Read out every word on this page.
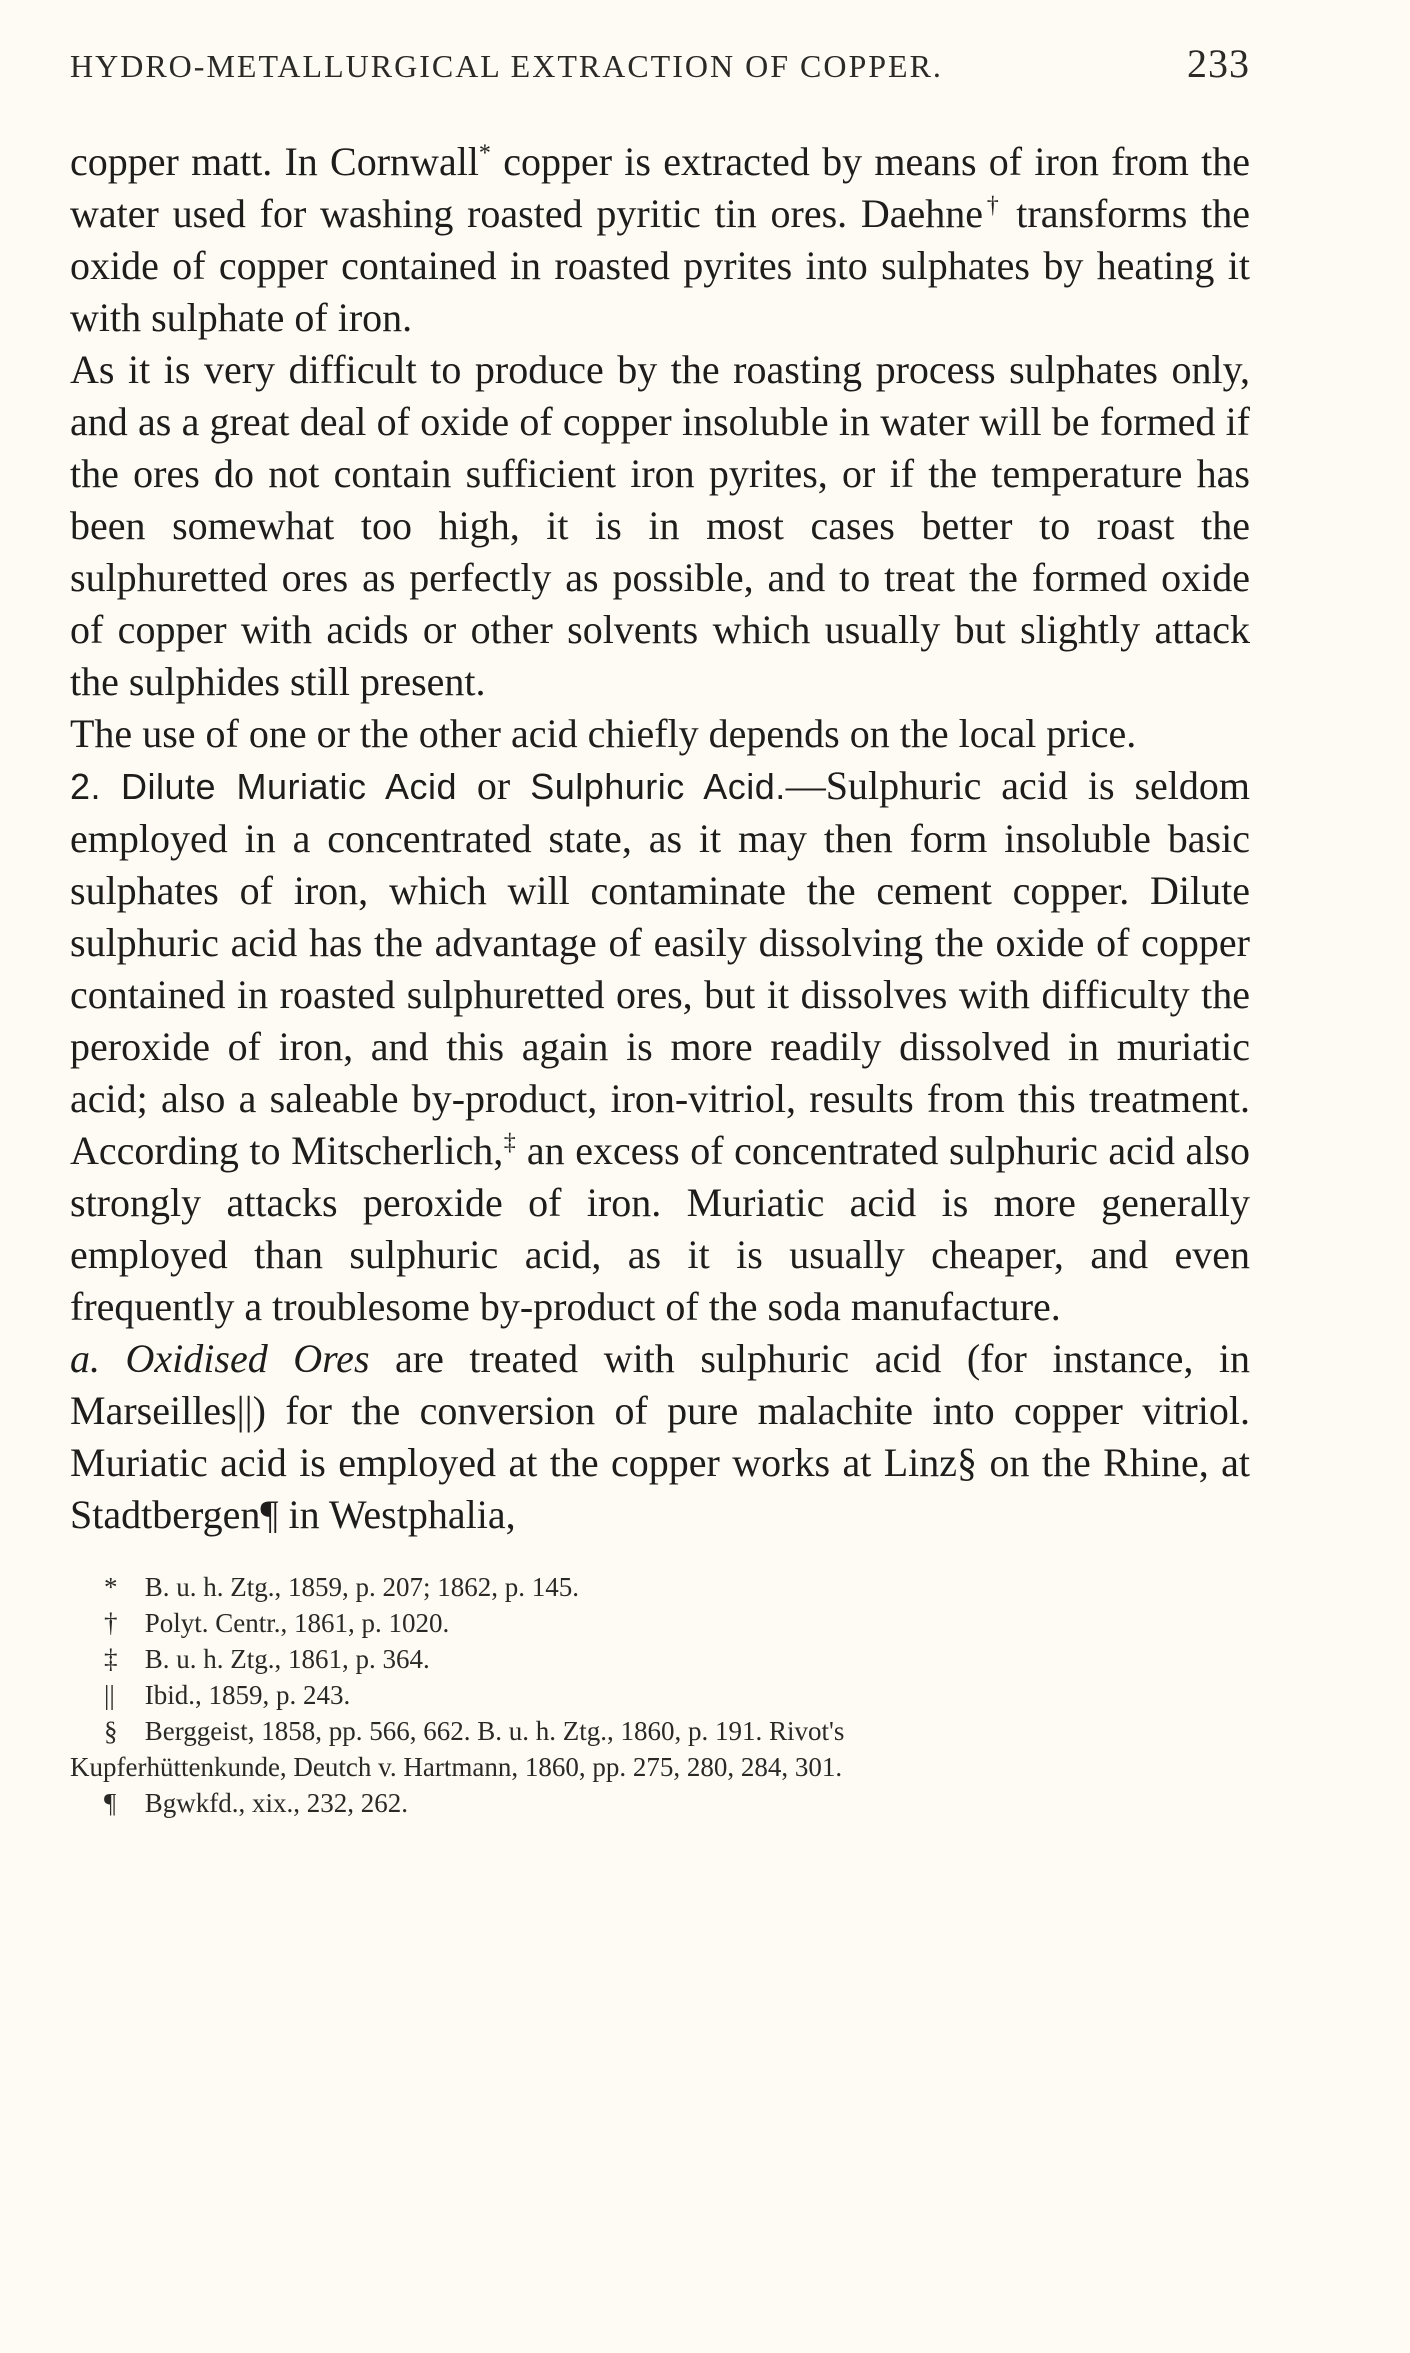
HYDRO-METALLURGICAL EXTRACTION OF COPPER.	233

copper matt. In Cornwall* copper is extracted by means of iron from the water used for washing roasted pyritic tin ores. Daehne† transforms the oxide of copper contained in roasted pyrites into sulphates by heating it with sulphate of iron.

As it is very difficult to produce by the roasting process sulphates only, and as a great deal of oxide of copper insoluble in water will be formed if the ores do not contain sufficient iron pyrites, or if the temperature has been somewhat too high, it is in most cases better to roast the sulphuretted ores as perfectly as possible, and to treat the formed oxide of copper with acids or other solvents which usually but slightly attack the sulphides still present.

The use of one or the other acid chiefly depends on the local price.

2. Dilute Muriatic Acid or Sulphuric Acid.—Sulphuric acid is seldom employed in a concentrated state, as it may then form insoluble basic sulphates of iron, which will contaminate the cement copper. Dilute sulphuric acid has the advantage of easily dissolving the oxide of copper contained in roasted sulphuretted ores, but it dissolves with difficulty the peroxide of iron, and this again is more readily dissolved in muriatic acid; also a saleable by-product, iron-vitriol, results from this treatment. According to Mitscherlich,‡ an excess of concentrated sulphuric acid also strongly attacks peroxide of iron. Muriatic acid is more generally employed than sulphuric acid, as it is usually cheaper, and even frequently a troublesome by-product of the soda manufacture.

a. Oxidised Ores are treated with sulphuric acid (for instance, in Marseilles||) for the conversion of pure malachite into copper vitriol. Muriatic acid is employed at the copper works at Linz§ on the Rhine, at Stadtbergen¶ in Westphalia,

* B. u. h. Ztg., 1859, p. 207; 1862, p. 145.

† Polyt. Centr., 1861, p. 1020.

‡ B. u. h. Ztg., 1861, p. 364.

|| Ibid., 1859, p. 243.

§ Berggeist, 1858, pp. 566, 662. B. u. h. Ztg., 1860, p. 191. Rivot's

Kupferhüttenkunde, Deutch v. Hartmann, 1860, pp. 275, 280, 284, 301.

¶ Bgwkfd., xix., 232, 262.
